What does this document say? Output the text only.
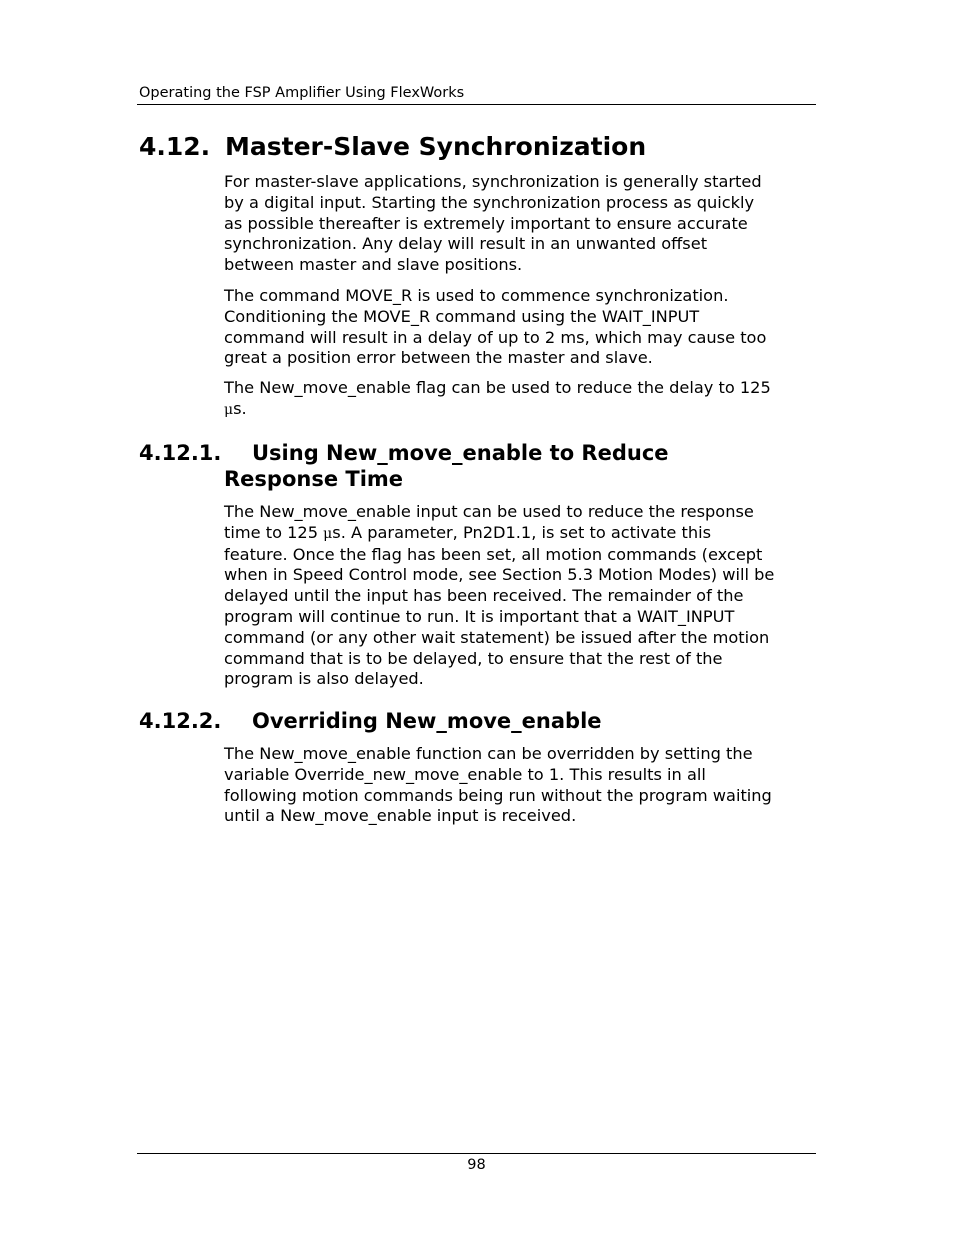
Operating the FSP Amplifier Using FlexWorks
4.12. Master-Slave Synchronization
For master-slave applications, synchronization is generally started
by a digital input. Starting the synchronization process as quickly
as possible thereafter is extremely important to ensure accurate
synchronization. Any delay will result in an unwanted offset
between master and slave positions.
The command MOVE_R is used to commence synchronization.
Conditioning the MOVE_R command using the WAIT_INPUT
command will result in a delay of up to 2 ms, which may cause too
great a position error between the master and slave.
The New_move_enable flag can be used to reduce the delay to 125
μs.
4.12.1. Using New_move_enable to Reduce
Response Time
The New_move_enable input can be used to reduce the response
time to 125 μs. A parameter, Pn2D1.1, is set to activate this
feature. Once the flag has been set, all motion commands (except
when in Speed Control mode, see Section 5.3 Motion Modes) will be
delayed until the input has been received. The remainder of the
program will continue to run. It is important that a WAIT_INPUT
command (or any other wait statement) be issued after the motion
command that is to be delayed, to ensure that the rest of the
program is also delayed.
4.12.2. Overriding New_move_enable
The New_move_enable function can be overridden by setting the
variable Override_new_move_enable to 1. This results in all
following motion commands being run without the program waiting
until a New_move_enable input is received.
98
